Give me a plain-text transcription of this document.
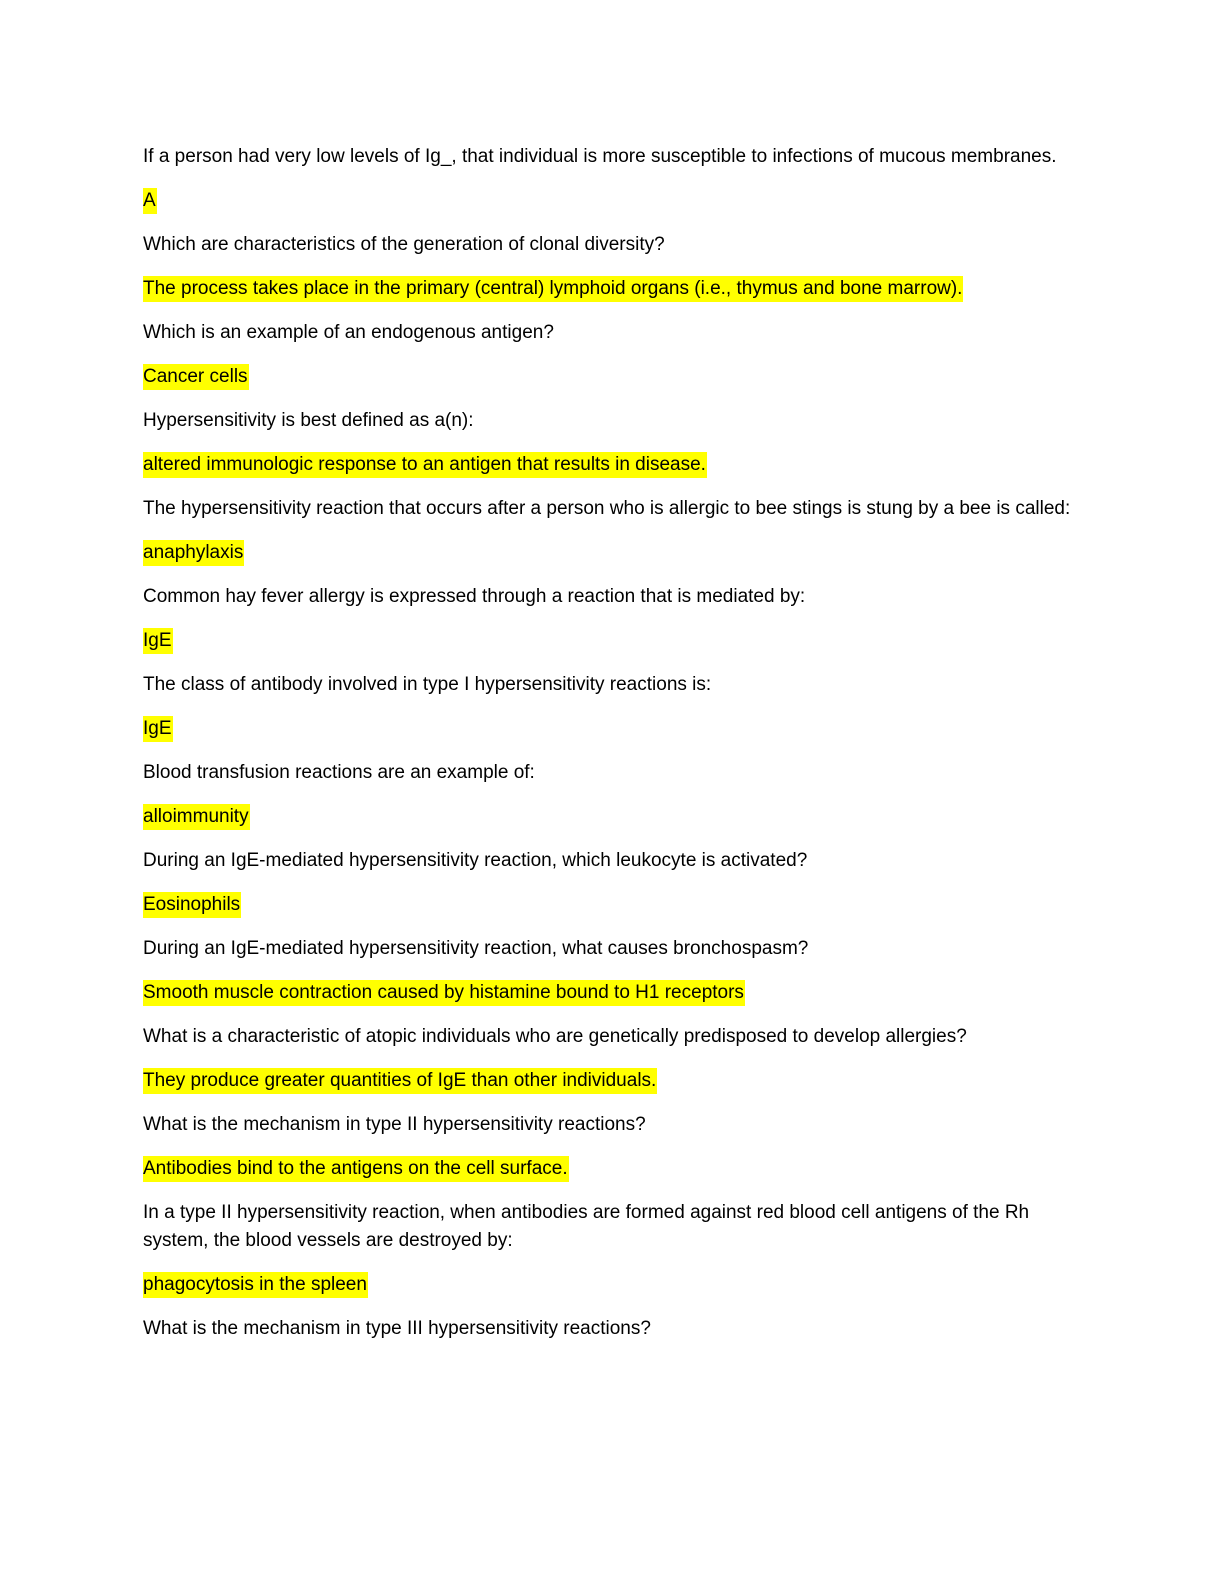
If a person had very low levels of Ig_, that individual is more susceptible to infections of mucous membranes.

A

Which are characteristics of the generation of clonal diversity?

The process takes place in the primary (central) lymphoid organs (i.e., thymus and bone marrow).

Which is an example of an endogenous antigen?

Cancer cells

Hypersensitivity is best defined as a(n):

altered immunologic response to an antigen that results in disease.

The hypersensitivity reaction that occurs after a person who is allergic to bee stings is stung by a bee is called:

anaphylaxis

Common hay fever allergy is expressed through a reaction that is mediated by:

IgE

The class of antibody involved in type I hypersensitivity reactions is:

IgE

Blood transfusion reactions are an example of:

alloimmunity

During an IgE-mediated hypersensitivity reaction, which leukocyte is activated?

Eosinophils

During an IgE-mediated hypersensitivity reaction, what causes bronchospasm?

Smooth muscle contraction caused by histamine bound to H1 receptors

What is a characteristic of atopic individuals who are genetically predisposed to develop allergies?

They produce greater quantities of IgE than other individuals.

What is the mechanism in type II hypersensitivity reactions?

Antibodies bind to the antigens on the cell surface.

In a type II hypersensitivity reaction, when antibodies are formed against red blood cell antigens of the Rh system, the blood vessels are destroyed by:

phagocytosis in the spleen

What is the mechanism in type III hypersensitivity reactions?
